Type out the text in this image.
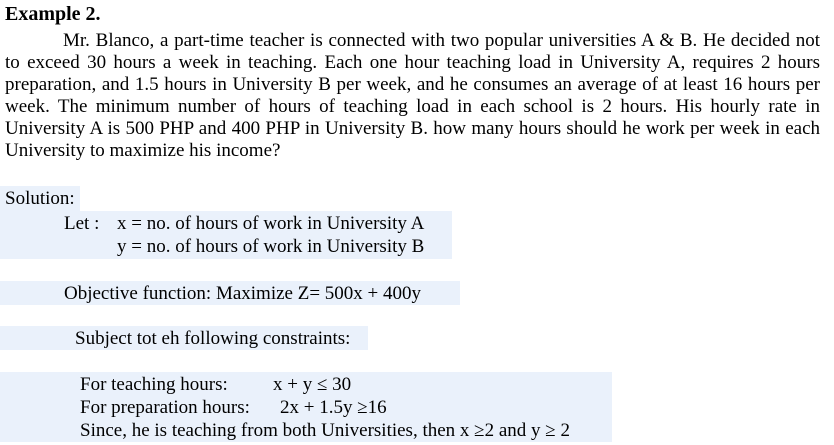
Example 2.

Mr. Blanco, a part-time teacher is connected with two popular universities A & B. He decided not to exceed 30 hours a week in teaching. Each one hour teaching load in University A, requires 2 hours preparation, and 1.5 hours in University B per week, and he consumes an average of at least 16 hours per week. The minimum number of hours of teaching load in each school is 2 hours. His hourly rate in University A is 500 PHP and 400 PHP in University B. how many hours should he work per week in each University to maximize his income?

Solution:
Let : x = no. of hours of work in University A
y = no. of hours of work in University B
Objective function: Maximize Z= 500x + 400y
Subject tot eh following constraints:
For teaching hours: x + y ≤ 30
For preparation hours: 2x + 1.5y ≥16
Since, he is teaching from both Universities, then x ≥2 and y ≥ 2
